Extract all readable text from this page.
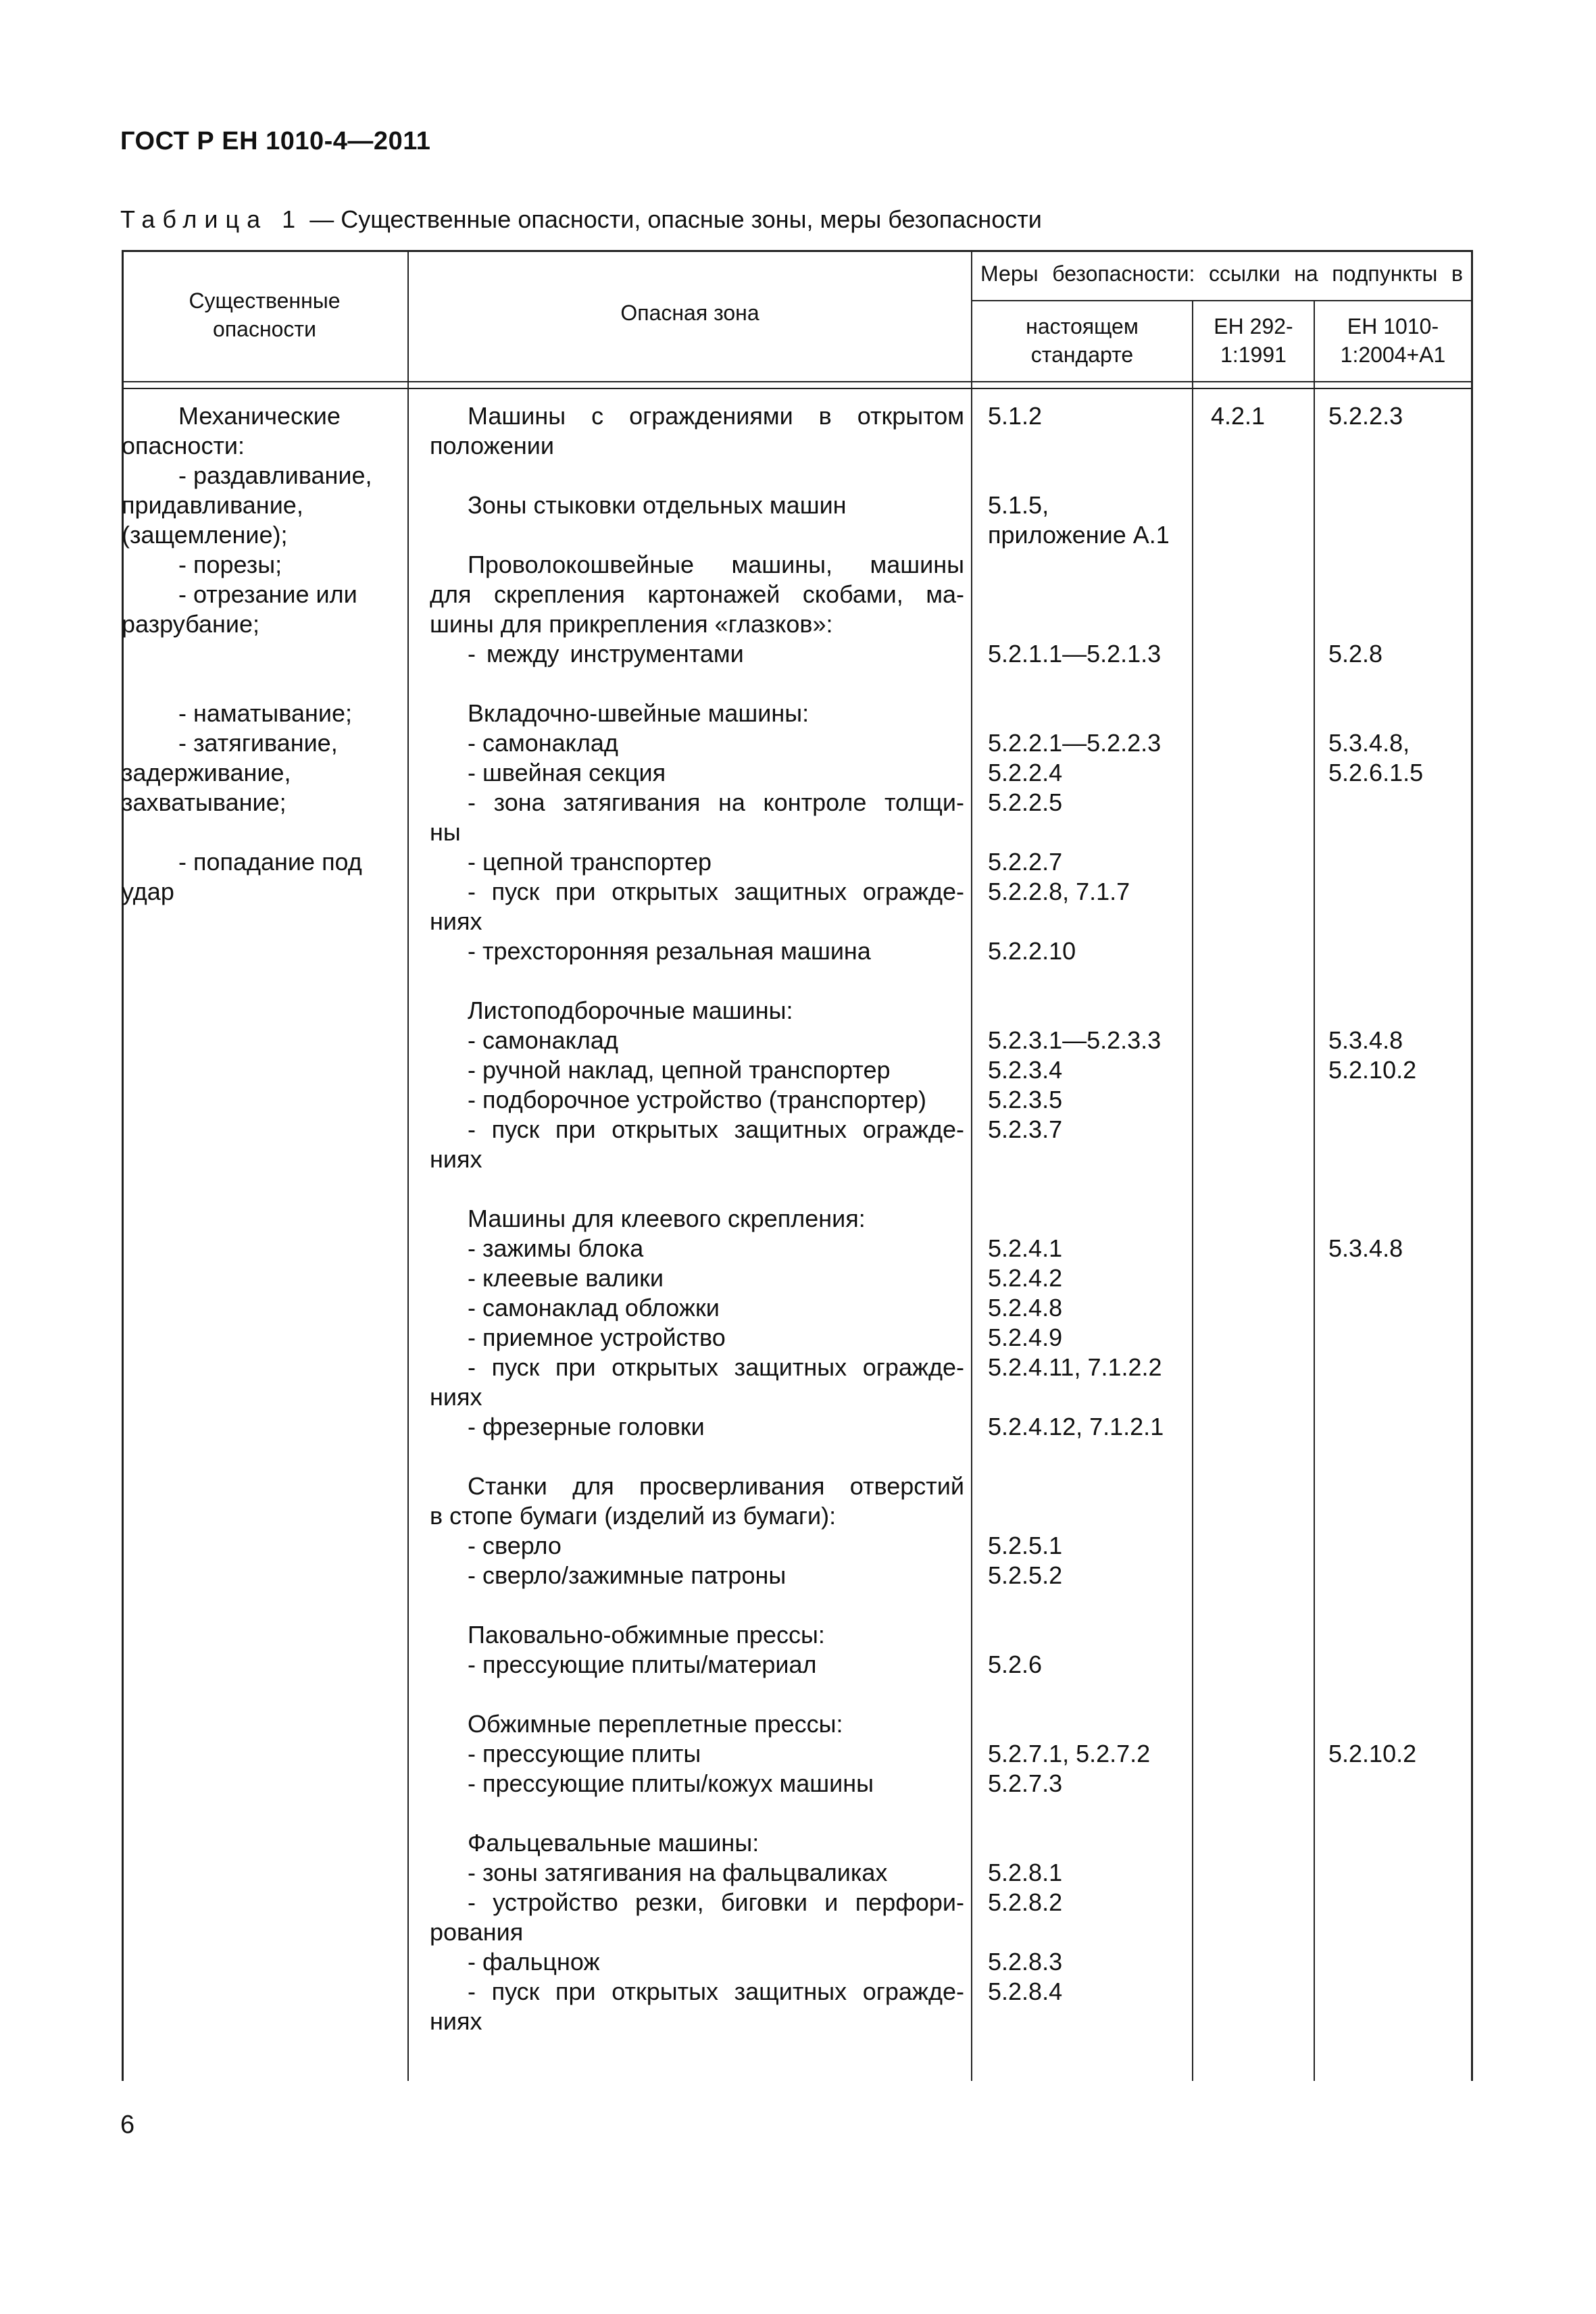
ГОСТ Р ЕН 1010-4—2011
Таблица 1 — Существенные опасности, опасные зоны, меры безопасности
Существенные
опасности
Опасная зона
Меры безопасности: ссылки на подпункты в
настоящем
стандарте
ЕН 292-
1:1991
ЕН 1010-
1:2004+А1
Механические
опасности:
- раздавливание,
придавливание,
(защемление);
- порезы;
- отрезание или
разрубание;
- наматывание;
- затягивание,
задерживание,
захватывание;
- попадание под
удар
Машины с ограждениями в открытом
положении
Зоны стыковки отдельных машин
Проволокошвейные машины, машины
для скрепления картонажей скобами, ма-
шины для прикрепления «глазков»:
- между инструментами
Вкладочно-швейные машины:
- самонаклад
- швейная секция
- зона затягивания на контроле толщи-
ны
- цепной транспортер
- пуск при открытых защитных огражде-
ниях
- трехсторонняя резальная машина
Листоподборочные машины:
- самонаклад
- ручной наклад, цепной транспортер
- подборочное устройство (транспортер)
- пуск при открытых защитных огражде-
ниях
Машины для клеевого скрепления:
- зажимы блока
- клеевые валики
- самонаклад обложки
- приемное устройство
- пуск при открытых защитных огражде-
ниях
- фрезерные головки
Станки для просверливания отверстий
в стопе бумаги (изделий из бумаги):
- сверло
- сверло/зажимные патроны
Паковально-обжимные прессы:
- прессующие плиты/материал
Обжимные переплетные прессы:
- прессующие плиты
- прессующие плиты/кожух машины
Фальцевальные машины:
- зоны затягивания на фальцваликах
- устройство резки, биговки и перфори-
рования
- фальцнож
- пуск при открытых защитных огражде-
ниях
5.1.2
5.1.5,
приложение А.1
5.2.1.1—5.2.1.3
5.2.2.1—5.2.2.3
5.2.2.4
5.2.2.5
5.2.2.7
5.2.2.8, 7.1.7
5.2.2.10
5.2.3.1—5.2.3.3
5.2.3.4
5.2.3.5
5.2.3.7
5.2.4.1
5.2.4.2
5.2.4.8
5.2.4.9
5.2.4.11, 7.1.2.2
5.2.4.12, 7.1.2.1
5.2.5.1
5.2.5.2
5.2.6
5.2.7.1, 5.2.7.2
5.2.7.3
5.2.8.1
5.2.8.2
5.2.8.3
5.2.8.4
4.2.1	5.2.2.3
5.2.8
5.3.4.8,
5.2.6.1.5
5.3.4.8
5.2.10.2
5.3.4.8
5.2.10.2
6
